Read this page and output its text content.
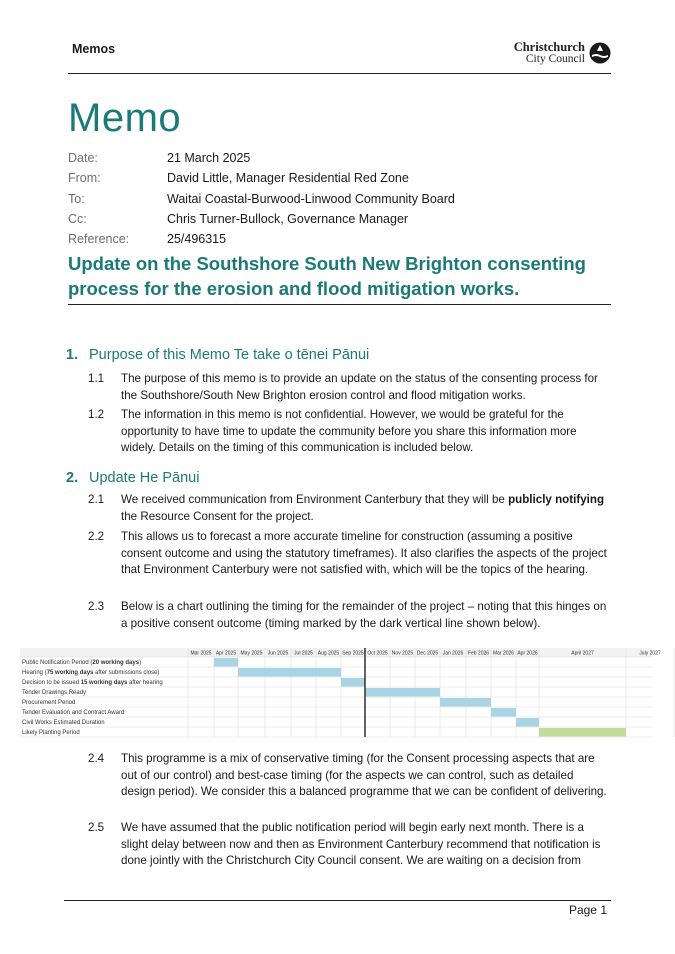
Memos	Christchurch
City Council
Memo
Date:	21 March 2025
From:	David Little, Manager Residential Red Zone
To:	Waitai Coastal-Burwood-Linwood Community Board
Cc:	Chris Turner-Bullock, Governance Manager
Reference:	25/496315
Update on the Southshore South New Brighton consenting
process for the erosion and flood mitigation works.
1. Purpose of this Memo Te take o tēnei Pānui
1.1	The purpose of this memo is to provide an update on the status of the consenting process for the Southshore/South New Brighton erosion control and flood mitigation works.
1.2	The information in this memo is not confidential. However, we would be grateful for the opportunity to have time to update the community before you share this information more widely. Details on the timing of this communication is included below.
2. Update He Pānui
2.1	We received communication from Environment Canterbury that they will be publicly notifying the Resource Consent for the project.
2.2	This allows us to forecast a more accurate timeline for construction (assuming a positive consent outcome and using the statutory timeframes). It also clarifies the aspects of the project that Environment Canterbury were not satisfied with, which will be the topics of the hearing.
2.3	Below is a chart outlining the timing for the remainder of the project – noting that this hinges on a positive consent outcome (timing marked by the dark vertical line shown below).
Mar 2025 Apr 2025 May 2025 Jun 2025 Jul 2025 Aug 2025 Sep 2025 Oct 2025 Nov 2025 Dec 2025 Jan 2026 Feb 2026 Mar 2026 Apr 2026	April 2027	July 2027
Public Notification Period (20 working days)
Hearing (75 working days after submissions close)
Decision to be issued 15 working days after hearing
Tender Drawings Ready
Procurement Period
Tender Evaluation and Contract Award
Civil Works Estimated Duration
Likely Planting Period
2.4	This programme is a mix of conservative timing (for the Consent processing aspects that are out of our control) and best-case timing (for the aspects we can control, such as detailed design period). We consider this a balanced programme that we can be confident of delivering.
2.5	We have assumed that the public notification period will begin early next month. There is a slight delay between now and then as Environment Canterbury recommend that notification is done jointly with the Christchurch City Council consent. We are waiting on a decision from
Page 1
